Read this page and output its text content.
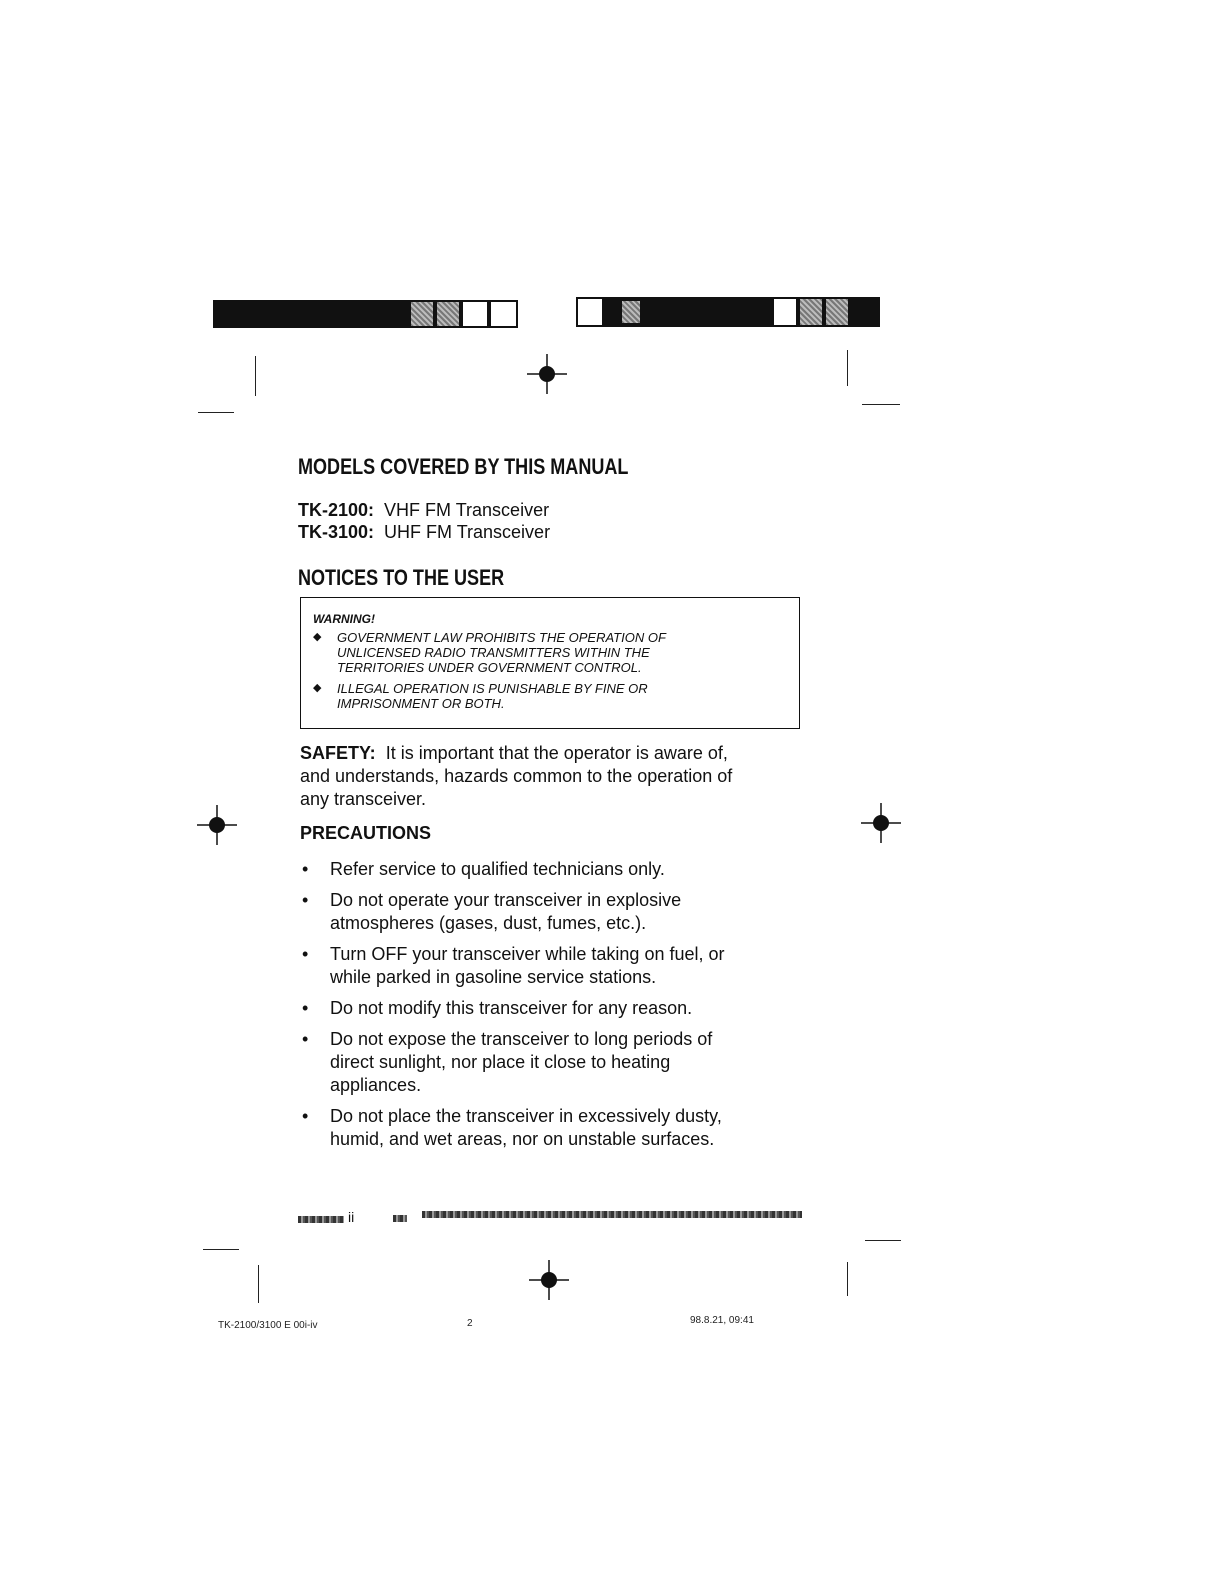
MODELS COVERED BY THIS MANUAL
TK-2100: VHF FM Transceiver
TK-3100: UHF FM Transceiver
NOTICES TO THE USER
WARNING!
◆ GOVERNMENT LAW PROHIBITS THE OPERATION OF
UNLICENSED RADIO TRANSMITTERS WITHIN THE
TERRITORIES UNDER GOVERNMENT CONTROL.
◆ ILLEGAL OPERATION IS PUNISHABLE BY FINE OR
IMPRISONMENT OR BOTH.
SAFETY: It is important that the operator is aware of,
and understands, hazards common to the operation of
any transceiver.
PRECAUTIONS
• Refer service to qualified technicians only.
• Do not operate your transceiver in explosive
atmospheres (gases, dust, fumes, etc.).
• Turn OFF your transceiver while taking on fuel, or
while parked in gasoline service stations.
• Do not modify this transceiver for any reason.
• Do not expose the transceiver to long periods of
direct sunlight, nor place it close to heating
appliances.
• Do not place the transceiver in excessively dusty,
humid, and wet areas, nor on unstable surfaces.
ii
TK-2100/3100 E 00i-iv	2	98.8.21, 09:41
